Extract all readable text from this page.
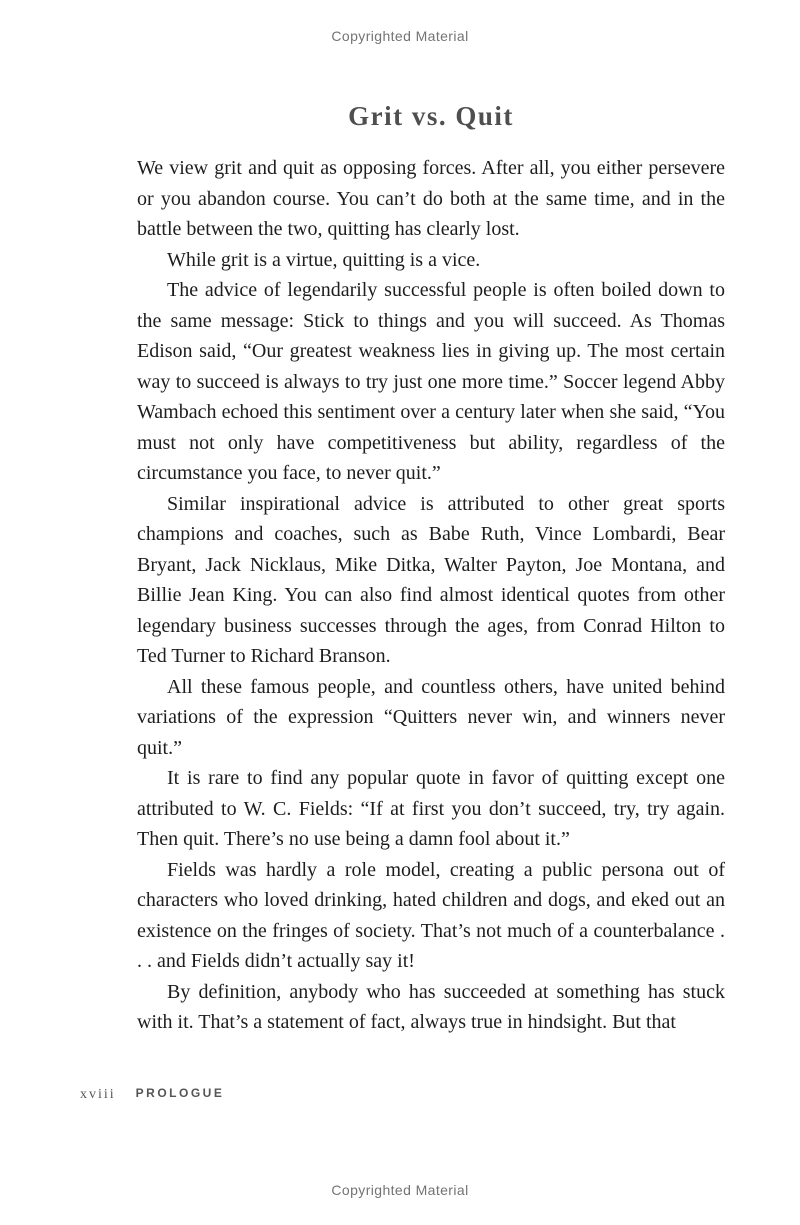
Copyrighted Material
Grit vs. Quit

We view grit and quit as opposing forces. After all, you either persevere or you abandon course. You can’t do both at the same time, and in the battle between the two, quitting has clearly lost.

While grit is a virtue, quitting is a vice.

The advice of legendarily successful people is often boiled down to the same message: Stick to things and you will succeed. As Thomas Edison said, “Our greatest weakness lies in giving up. The most certain way to succeed is always to try just one more time.” Soccer legend Abby Wambach echoed this sentiment over a century later when she said, “You must not only have competitiveness but ability, regardless of the circumstance you face, to never quit.”

Similar inspirational advice is attributed to other great sports champions and coaches, such as Babe Ruth, Vince Lombardi, Bear Bryant, Jack Nicklaus, Mike Ditka, Walter Payton, Joe Montana, and Billie Jean King. You can also find almost identical quotes from other legendary business successes through the ages, from Conrad Hilton to Ted Turner to Richard Branson.

All these famous people, and countless others, have united behind variations of the expression “Quitters never win, and winners never quit.”

It is rare to find any popular quote in favor of quitting except one attributed to W. C. Fields: “If at first you don’t succeed, try, try again. Then quit. There’s no use being a damn fool about it.”

Fields was hardly a role model, creating a public persona out of characters who loved drinking, hated children and dogs, and eked out an existence on the fringes of society. That’s not much of a counterbalance . . . and Fields didn’t actually say it!

By definition, anybody who has succeeded at something has stuck with it. That’s a statement of fact, always true in hindsight. But that

xviii PROLOGUE
Copyrighted Material
